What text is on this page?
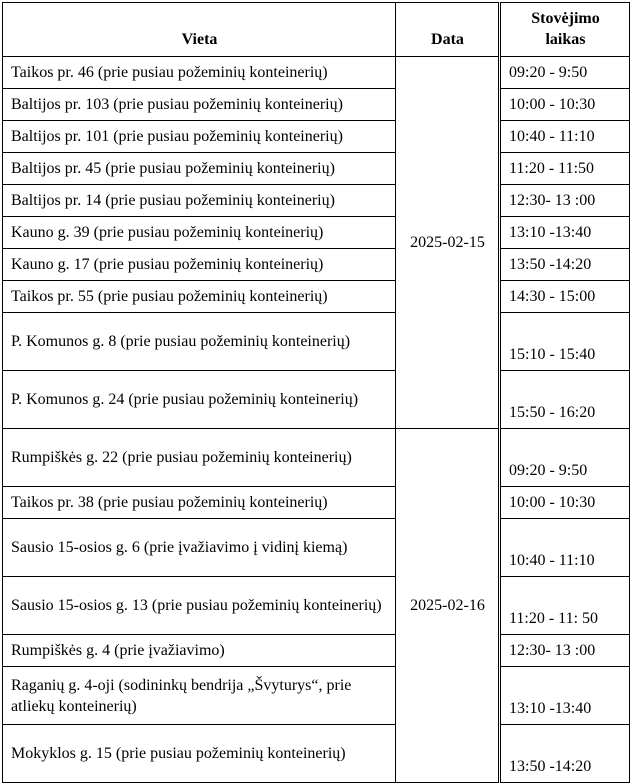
Vieta	Data	Stovėjimo
laikas
Taikos pr. 46 (prie pusiau požeminių konteinerių)	2025-02-15	09:20 - 9:50
Baltijos pr. 103 (prie pusiau požeminių konteinerių)		10:00 - 10:30
Baltijos pr. 101 (prie pusiau požeminių konteinerių)		10:40 - 11:10
Baltijos pr. 45 (prie pusiau požeminių konteinerių)		11:20 - 11:50
Baltijos pr. 14 (prie pusiau požeminių konteinerių)		12:30- 13 :00
Kauno g. 39 (prie pusiau požeminių konteinerių)		13:10 -13:40
Kauno g. 17 (prie pusiau požeminių konteinerių)		13:50 -14:20
Taikos pr. 55 (prie pusiau požeminių konteinerių)		14:30 - 15:00
P. Komunos g. 8 (prie pusiau požeminių konteinerių)		15:10 - 15:40
P. Komunos g. 24 (prie pusiau požeminių konteinerių)		15:50 - 16:20
Rumpiškės g. 22 (prie pusiau požeminių konteinerių)	2025-02-16	09:20 - 9:50
Taikos pr. 38 (prie pusiau požeminių konteinerių)		10:00 - 10:30
Sausio 15-osios g. 6 (prie įvažiavimo į vidinį kiemą)		10:40 - 11:10
Sausio 15-osios g. 13 (prie pusiau požeminių konteinerių)		11:20 - 11: 50
Rumpiškės g. 4 (prie įvažiavimo)		12:30- 13 :00
Raganių g. 4-oji (sodininkų bendrija „Švyturys“, prie atliekų konteinerių)		13:10 -13:40
Mokyklos g. 15 (prie pusiau požeminių konteinerių)		13:50 -14:20
